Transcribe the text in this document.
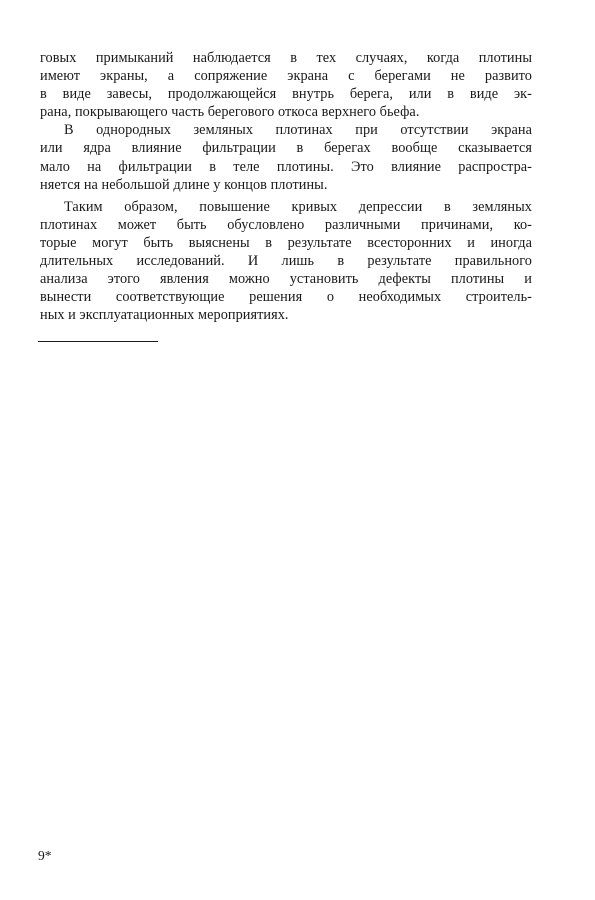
говых примыканий наблюдается в тех случаях, когда плотины
имеют экраны, а сопряжение экрана с берегами не развито
в виде завесы, продолжающейся внутрь берега, или в виде эк-
рана, покрывающего часть берегового откоса верхнего бьефа.
В однородных земляных плотинах при отсутствии экрана
или ядра влияние фильтрации в берегах вообще сказывается
мало на фильтрации в теле плотины. Это влияние распростра-
няется на небольшой длине у концов плотины.
Таким образом, повышение кривых депрессии в земляных
плотинах может быть обусловлено различными причинами, ко-
торые могут быть выяснены в результате всесторонних и иногда
длительных исследований. И лишь в результате правильного
анализа этого явления можно установить дефекты плотины и
вынести соответствующие решения о необходимых строитель-
ных и эксплуатационных мероприятиях.
9*
